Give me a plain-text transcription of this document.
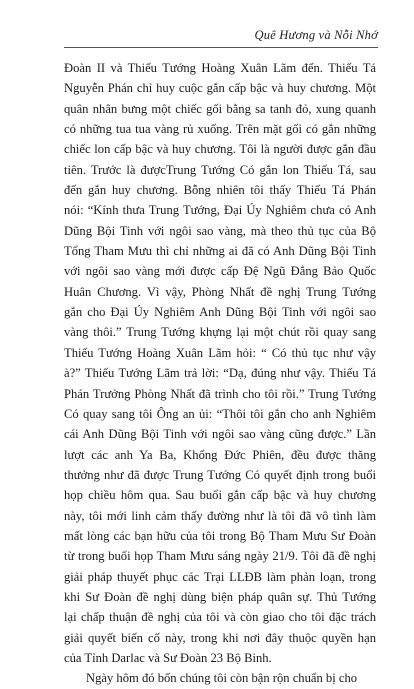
Quê Hương và Nỗi Nhớ
Đoàn II và Thiếu Tướng Hoàng Xuân Lãm đến. Thiếu Tá
Nguyễn Phán chỉ huy cuộc gắn cấp bậc và huy chương. Một
quân nhân bưng một chiếc gối bằng sa tanh đỏ, xung quanh
có những tua tua vàng rủ xuống. Trên mặt gối có gắn những
chiếc lon cấp bậc và huy chương. Tôi là người được gắn đầu
tiên. Trước là đượcTrung Tướng Có gắn lon Thiếu Tá, sau
đến gắn huy chương. Bỗng nhiên tôi thấy Thiếu Tá Phán
nói: “Kính thưa Trung Tướng, Đại Úy Nghiêm chưa có Anh
Dũng Bội Tinh với ngôi sao vàng, mà theo thủ tục của Bộ
Tổng Tham Mưu thì chỉ những ai đã có Anh Dũng Bội Tinh
với ngôi sao vàng mới được cấp Đệ Ngũ Đẳng Bảo Quốc
Huân Chương. Vì vậy, Phòng Nhất đề nghị Trung Tướng
gắn cho Đại Úy Nghiêm Anh Dũng Bội Tinh với ngôi sao
vàng thôi.” Trung Tướng khựng lại một chút rồi quay sang
Thiếu Tướng Hoàng Xuân Lãm hỏi: “ Có thủ tục như vậy
à?” Thiếu Tướng Lãm trả lời: “Dạ, đúng như vậy. Thiếu Tá
Phán Trưởng Phòng Nhất đã trình cho tôi rồi.” Trung Tướng
Có quay sang tôi Ông an ủi: “Thôi tôi gắn cho anh Nghiêm
cái Anh Dũng Bội Tinh với ngôi sao vàng cũng được.” Lần
lượt các anh Ya Ba, Khổng Đức Phiên, đều được thăng
thưởng như đã được Trung Tướng Có quyết định trong buổi
họp chiều hôm qua. Sau buổi gắn cấp bậc và huy chương
này, tôi mới linh cảm thấy đường như là tôi đã vô tình làm
mất lòng các bạn hữu của tôi trong Bộ Tham Mưu Sư Đoàn
từ trong buổi họp Tham Mưu sáng ngày 21/9. Tôi đã đề nghị
giải pháp thuyết phục các Trại LLĐB làm phản loạn, trong
khi Sư Đoàn đề nghị dùng biện pháp quân sự. Thủ Tướng
lại chấp thuận đề nghị của tôi và còn giao cho tôi đặc trách
giải quyết biến cố này, trong khi nơi đây thuộc quyền hạn
của Tỉnh Darlac và Sư Đoàn 23 Bộ Binh.
Ngày hôm đó bốn chúng tôi còn bận rộn chuẩn bị cho
